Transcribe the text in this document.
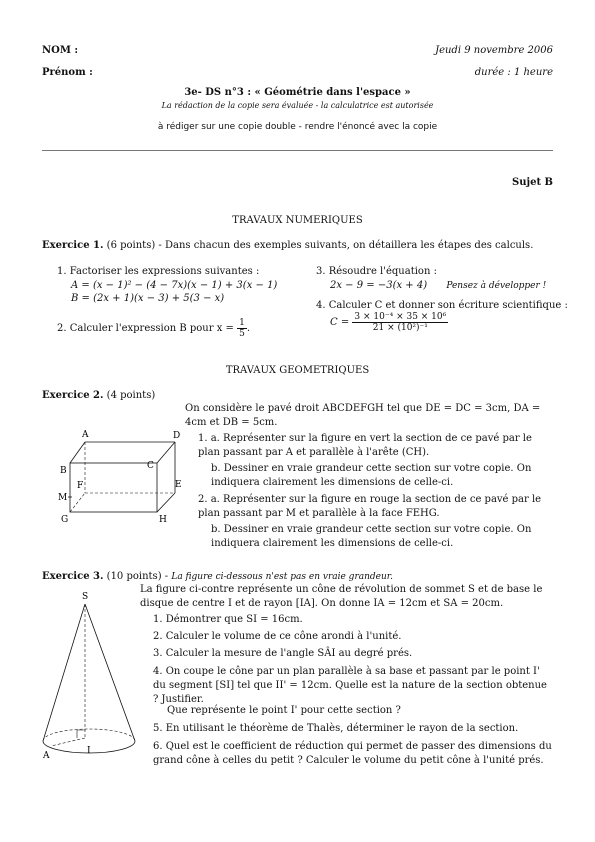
NOM :	Jeudi 9 novembre 2006
Prénom :	durée : 1 heure
3e- DS n°3 : « Géométrie dans l'espace »
La rédaction de la copie sera évaluée - la calculatrice est autorisée
à rédiger sur une copie double - rendre l'énoncé avec la copie
Sujet B
TRAVAUX NUMERIQUES
Exercice 1. (6 points) - Dans chacun des exemples suivants, on détaillera les étapes des calculs.
1. Factoriser les expressions suivantes :
A = (x − 1)² − (4 − 7x)(x − 1) + 3(x − 1)
B = (2x + 1)(x − 3) + 5(3 − x)
2. Calculer l'expression B pour $x = \frac{1}{5}$ .
3. Résoudre l'équation :
2x − 9 = −3(x + 4) Pensez à développer !
4. Calculer C et donner son écriture scientifique :
$C = \frac{\text{3 × 10⁻⁴ × 35 × 10⁶}}{\text{21 × (10²)⁻¹}}$
TRAVAUX GEOMETRIQUES
Exercice 2. (4 points)
On considère le pavé droit ABCDEFGH tel que DE = DC = 3cm, DA = 4cm et DB = 5cm.
1. a. Représenter sur la figure en vert la section de ce pavé par le plan passant par A et parallèle à l'arête (CH).
b. Dessiner en vraie grandeur cette section sur votre copie. On indiquera clairement les dimensions de celle-ci.
2. a. Représenter sur la figure en rouge la section de ce pavé par le plan passant par M et parallèle à la face FEHG.
b. Dessiner en vraie grandeur cette section sur votre copie. On indiquera clairement les dimensions de celle-ci.
A	D
B	C
F	E
M
G	H
Exercice 3. (10 points) - La figure ci-dessous n'est pas en vraie grandeur.
La figure ci-contre représente un cône de révolution de sommet S et de base le disque de centre I et de rayon [IA]. On donne IA = 12cm et SA = 20cm.
1. Démontrer que SI = 16cm.
2. Calculer le volume de ce cône arondi à l'unité.
3. Calculer la mesure de l'angle SÂI au degré prés.
4. On coupe le cône par un plan parallèle à sa base et passant par le point I' du segment [SI] tel que II' = 12cm. Quelle est la nature de la section obtenue ? Justifier.
Que représente le point I' pour cette section ?
5. En utilisant le théorème de Thalès, déterminer le rayon de la section.
6. Quel est le coefficient de réduction qui permet de passer des dimensions du grand cône à celles du petit ? Calculer le volume du petit cône à l'unité prés.
S
I
A
